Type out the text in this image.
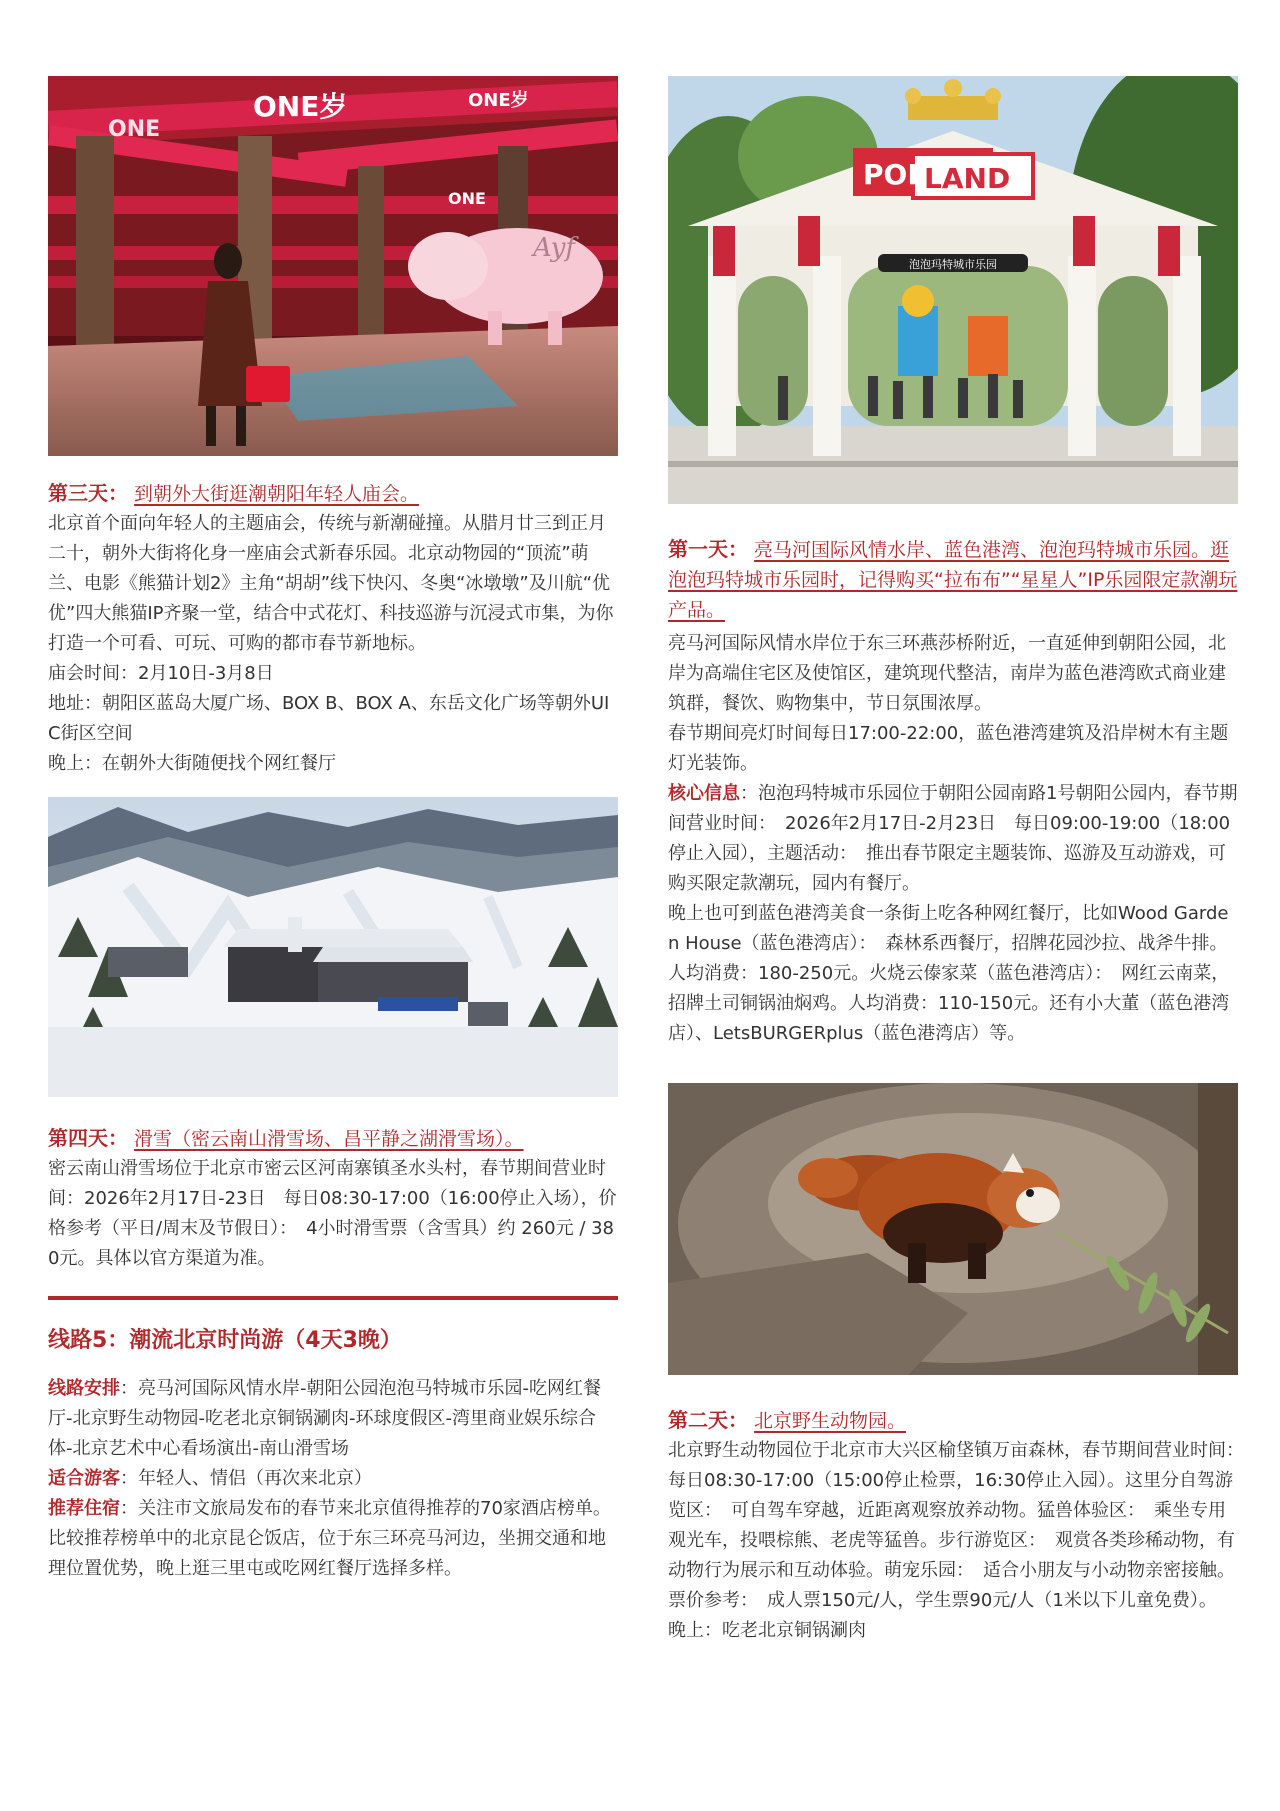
ONE岁
ONE
ONE岁
ONE
Ayf

第三天： 到朝外大街逛潮朝阳年轻人庙会。

北京首个面向年轻人的主题庙会，传统与新潮碰撞。从腊月廿三到正月二十，朝外大街将化身一座庙会式新春乐园。北京动物园的“顶流”萌兰、电影《熊猫计划2》主角“胡胡”线下快闪、冬奥“冰墩墩”及川航“优优”四大熊猫IP齐聚一堂，结合中式花灯、科技巡游与沉浸式市集，为你打造一个可看、可玩、可购的都市春节新地标。

庙会时间：2月10日-3月8日

地址：朝阳区蓝岛大厦广场、BOX B、BOX A、东岳文化广场等朝外UIC街区空间

晚上：在朝外大街随便找个网红餐厅

第四天： 滑雪（密云南山滑雪场、昌平静之湖滑雪场）。

密云南山滑雪场位于北京市密云区河南寨镇圣水头村，春节期间营业时间：2026年2月17日-23日　每日08:30-17:00（16:00停止入场），价格参考（平日/周末及节假日）：　4小时滑雪票（含雪具）约 260元 / 380元。具体以官方渠道为准。

线路5：潮流北京时尚游（4天3晚）

线路安排：亮马河国际风情水岸-朝阳公园泡泡马特城市乐园-吃网红餐厅-北京野生动物园-吃老北京铜锅涮肉-环球度假区-湾里商业娱乐综合体-北京艺术中心看场演出-南山滑雪场

适合游客：年轻人、情侣（再次来北京）

推荐住宿：关注市文旅局发布的春节来北京值得推荐的70家酒店榜单。比较推荐榜单中的北京昆仑饭店，位于东三环亮马河边，坐拥交通和地理位置优势，晚上逛三里屯或吃网红餐厅选择多样。

POP
LAND
泡泡玛特城市乐园

第一天： 亮马河国际风情水岸、蓝色港湾、泡泡玛特城市乐园。逛泡泡玛特城市乐园时，记得购买“拉布布”“星星人”IP乐园限定款潮玩产品。

亮马河国际风情水岸位于东三环燕莎桥附近，一直延伸到朝阳公园，北岸为高端住宅区及使馆区，建筑现代整洁，南岸为蓝色港湾欧式商业建筑群，餐饮、购物集中，节日氛围浓厚。

春节期间亮灯时间每日17:00-22:00，蓝色港湾建筑及沿岸树木有主题灯光装饰。

核心信息：泡泡玛特城市乐园位于朝阳公园南路1号朝阳公园内，春节期间营业时间：　2026年2月17日-2月23日　每日09:00-19:00（18:00停止入园），主题活动：　推出春节限定主题装饰、巡游及互动游戏，可购买限定款潮玩，园内有餐厅。

晚上也可到蓝色港湾美食一条街上吃各种网红餐厅，比如Wood Garden House（蓝色港湾店）：　森林系西餐厅，招牌花园沙拉、战斧牛排。人均消费：180-250元。火烧云傣家菜（蓝色港湾店）：　网红云南菜，招牌土司铜锅油焖鸡。人均消费：110-150元。还有小大董（蓝色港湾店）、LetsBURGERplus（蓝色港湾店）等。

第二天： 北京野生动物园。

北京野生动物园位于北京市大兴区榆垡镇万亩森林，春节期间营业时间：　每日08:30-17:00（15:00停止检票，16:30停止入园）。这里分自驾游览区：　可自驾车穿越，近距离观察放养动物。猛兽体验区：　乘坐专用观光车，投喂棕熊、老虎等猛兽。步行游览区：　观赏各类珍稀动物，有动物行为展示和互动体验。萌宠乐园：　适合小朋友与小动物亲密接触。

票价参考：　成人票150元/人，学生票90元/人（1米以下儿童免费）。

晚上：吃老北京铜锅涮肉
